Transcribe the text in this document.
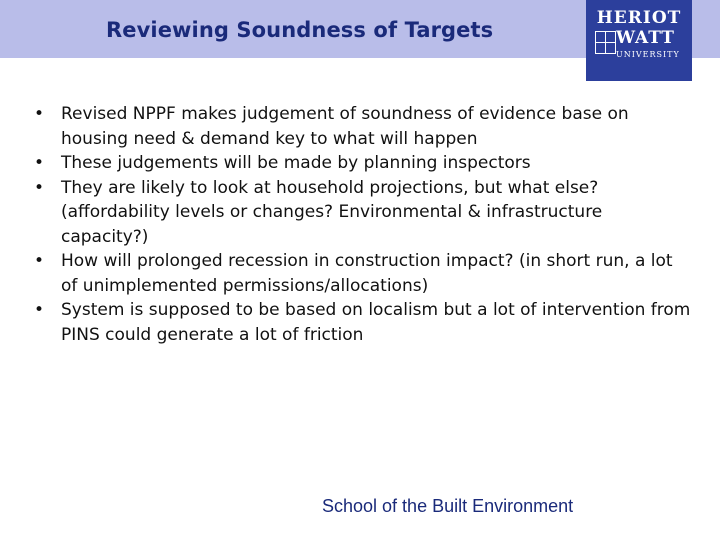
Reviewing Soundness of Targets	HERIOT
WATT
UNIVERSITY
• Revised NPPF makes judgement of soundness of evidence base on housing need & demand key to what will happen
• These judgements will be made by planning inspectors
• They are likely to look at household projections, but what else? (affordability levels or changes? Environmental & infrastructure capacity?)
• How will prolonged recession in construction impact? (in short run, a lot of unimplemented permissions/allocations)
• System is supposed to be based on localism but a lot of intervention from PINS could generate a lot of friction
School of the Built Environment
